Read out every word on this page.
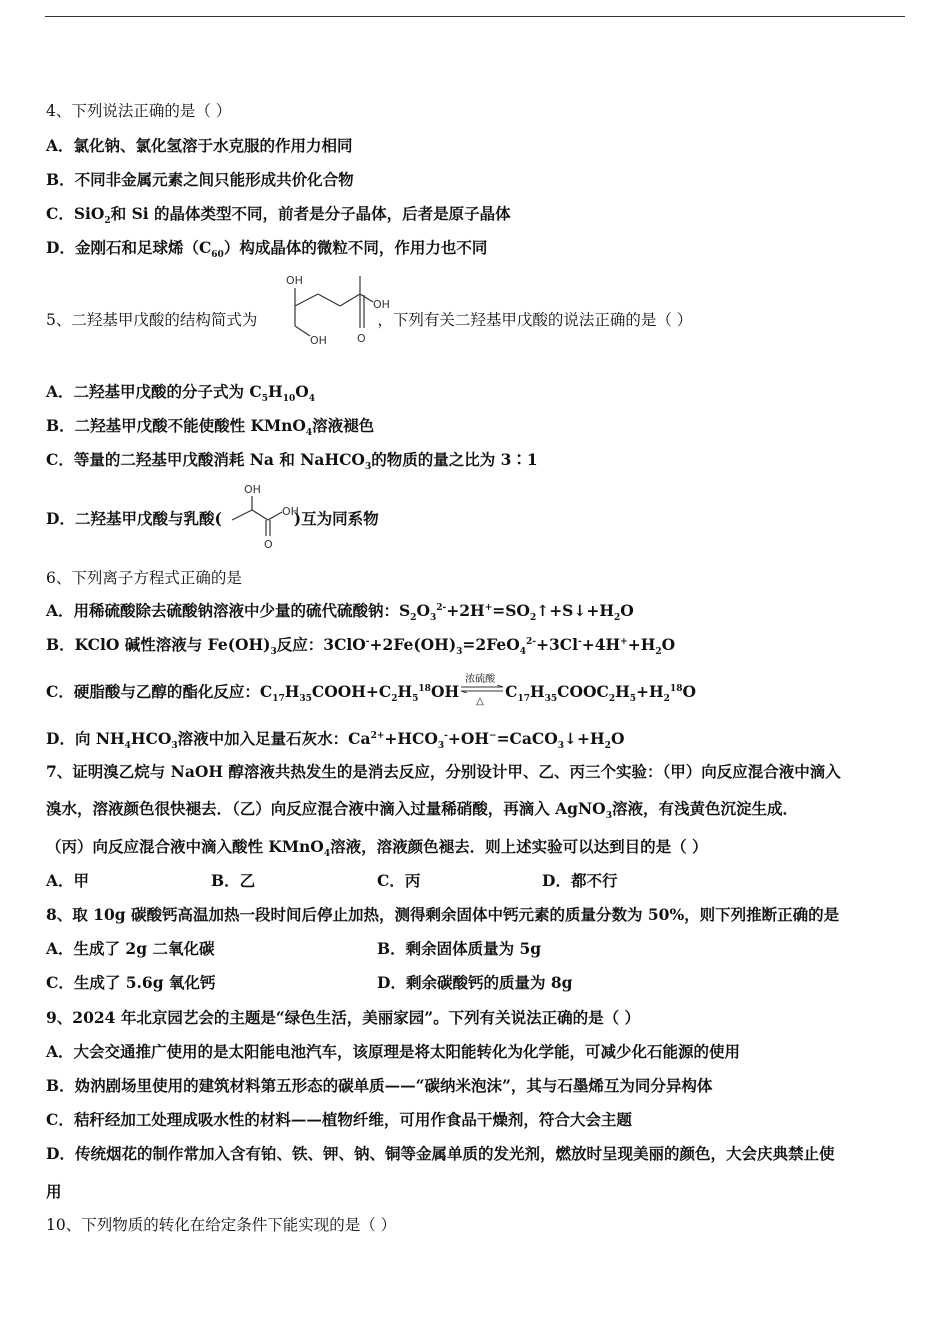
4、下列说法正确的是（ ）
A．氯化钠、氯化氢溶于水克服的作用力相同
B．不同非金属元素之间只能形成共价化合物
C．SiO$_2$和 Si 的晶体类型不同，前者是分子晶体，后者是原子晶体
D．金刚石和足球烯$(C_{60})$构成晶体的微粒不同，作用力也不同
5、二羟基甲戊酸的结构简式为	，下列有关二羟基甲戊酸的说法正确的是（ ）
OH
OH
OH	O
A．二羟基甲戊酸的分子式为 $C_5H_{10}O_4$
B．二羟基甲戊酸不能使酸性 KMnO$_4$溶液褪色
C．等量的二羟基甲戊酸消耗 Na 和 NaHCO$_3$的物质的量之比为 3∶1
D．二羟基甲戊酸与乳酸(	)互为同系物
OH
OH
O
6、下列离子方程式正确的是
A．用稀硫酸除去硫酸钠溶液中少量的硫代硫酸钠：$S_2O_3^{2-}+2H^+=SO_2↑+S↓+H_2O$
B．KClO 碱性溶液与 $Fe(OH)_3$反应：$3ClO^-+2Fe(OH)_3=2FeO_4^{2-}+3Cl^-+4H^++H_2O$
C．硬脂酸与乙醇的酯化反应：$C_{17}H_{35}COOH+C_2H_5^{18}OH$
浓硫酸
△
$C_{17}H_{35}COOC_2H_5+H_2^{18}O$
D．向 $NH_4HCO_3$溶液中加入足量石灰水：$Ca^{2+}+HCO_3^-+OH^-=CaCO_3↓+H_2O$
7、证明溴乙烷与 NaOH 醇溶液共热发生的是消去反应，分别设计甲、乙、丙三个实验：（甲）向反应混合液中滴入
溴水，溶液颜色很快褪去．（乙）向反应混合液中滴入过量稀硝酸，再滴入 AgNO$_3$溶液，有浅黄色沉淀生成．
（丙）向反应混合液中滴入酸性 KMnO$_4$溶液，溶液颜色褪去．则上述实验可以达到目的是（ ）
A．甲	B．乙	C．丙	D．都不行
8、取 10g 碳酸钙高温加热一段时间后停止加热，测得剩余固体中钙元素的质量分数为 50%，则下列推断正确的是
A．生成了 2g 二氧化碳	B．剩余固体质量为 5g
C．生成了 5.6g 氧化钙	D．剩余碳酸钙的质量为 8g
9、2024 年北京园艺会的主题是“绿色生活，美丽家园”。下列有关说法正确的是（ ）
A．大会交通推广使用的是太阳能电池汽车，该原理是将太阳能转化为化学能，可减少化石能源的使用
B．妫汭剧场里使用的建筑材料第五形态的碳单质——“碳纳米泡沫”，其与石墨烯互为同分异构体
C．秸秆经加工处理成吸水性的材料——植物纤维，可用作食品干燥剂，符合大会主题
D．传统烟花的制作常加入含有铂、铁、钾、钠、铜等金属单质的发光剂，燃放时呈现美丽的颜色，大会庆典禁止使
用
10、下列物质的转化在给定条件下能实现的是（ ）
